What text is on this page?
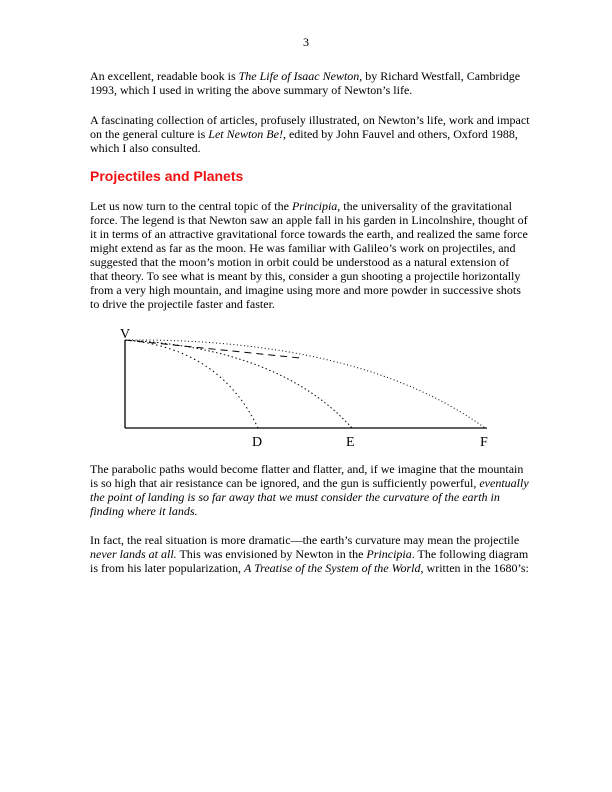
3

An excellent, readable book is The Life of Isaac Newton, by Richard Westfall, Cambridge 1993, which I used in writing the above summary of Newton’s life.

A fascinating collection of articles, profusely illustrated, on Newton’s life, work and impact on the general culture is Let Newton Be!, edited by John Fauvel and others, Oxford 1988, which I also consulted.

Projectiles and Planets

Let us now turn to the central topic of the Principia, the universality of the gravitational force. The legend is that Newton saw an apple fall in his garden in Lincolnshire, thought of it in terms of an attractive gravitational force towards the earth, and realized the same force might extend as far as the moon. He was familiar with Galileo’s work on projectiles, and suggested that the moon’s motion in orbit could be understood as a natural extension of that theory. To see what is meant by this, consider a gun shooting a projectile horizontally from a very high mountain, and imagine using more and more powder in successive shots to drive the projectile faster and faster.

V
D	E	F

The parabolic paths would become flatter and flatter, and, if we imagine that the mountain is so high that air resistance can be ignored, and the gun is sufficiently powerful, eventually the point of landing is so far away that we must consider the curvature of the earth in finding where it lands.

In fact, the real situation is more dramatic—the earth’s curvature may mean the projectile never lands at all. This was envisioned by Newton in the Principia. The following diagram is from his later popularization, A Treatise of the System of the World, written in the 1680’s:
